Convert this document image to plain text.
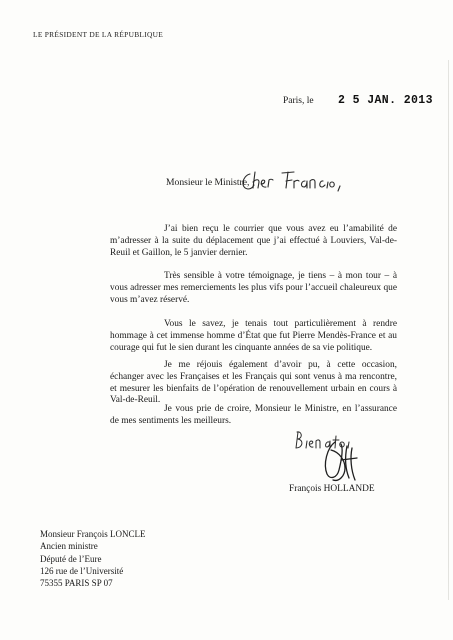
LE PRÉSIDENT DE LA RÉPUBLIQUE
Paris, le 2 5 JAN. 2013
Monsieur le Ministre,

J’ai bien reçu le courrier que vous avez eu l’amabilité de m’adresser à la suite du déplacement que j’ai effectué à Louviers, Val-de-Reuil et Gaillon, le 5 janvier dernier.

Très sensible à votre témoignage, je tiens – à mon tour – à vous adresser mes remerciements les plus vifs pour l’accueil chaleureux que vous m’avez réservé.

Vous le savez, je tenais tout particulièrement à rendre hommage à cet immense homme d’État que fut Pierre Mendès-France et au courage qui fut le sien durant les cinquante années de sa vie politique.

Je me réjouis également d’avoir pu, à cette occasion, échanger avec les Françaises et les Français qui sont venus à ma rencontre, et mesurer les bienfaits de l’opération de renouvellement urbain en cours à Val-de-Reuil.

Je vous prie de croire, Monsieur le Ministre, en l’assurance de mes sentiments les meilleurs.

François HOLLANDE
Monsieur François LONCLE
Ancien ministre
Député de l’Eure
126 rue de l’Université
75355 PARIS SP 07
